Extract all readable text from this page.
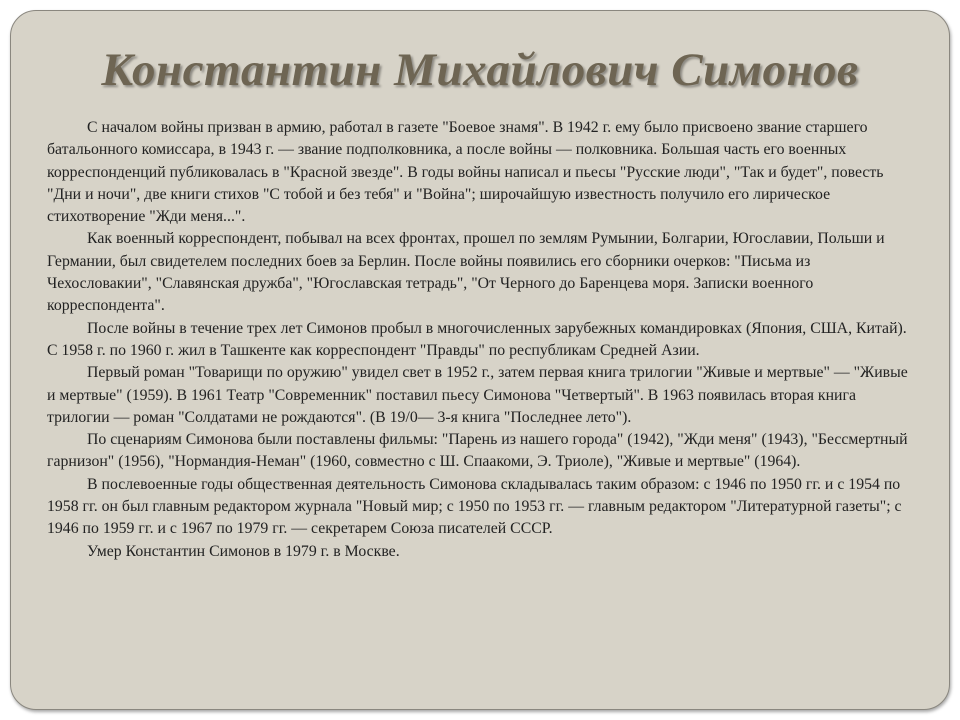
Константин Михайлович Симонов

С началом войны призван в армию, работал в газете "Боевое знамя". В 1942 г. ему было присвоено звание старшего батальонного комиссара, в 1943 г. — звание подполковника, а после войны — полковника. Большая часть его военных корреспонденций публиковалась в "Красной звезде". В годы войны написал и пьесы "Русские люди", "Так и будет", повесть "Дни и ночи", две книги стихов "С тобой и без тебя" и "Война"; широчайшую известность получило его лирическое стихотворение "Жди меня...".

Как военный корреспондент, побывал на всех фронтах, прошел по землям Румынии, Болгарии, Югославии, Польши и Германии, был свидетелем последних боев за Берлин. После войны появились его сборники очерков: "Письма из Чехословакии", "Славянская дружба", "Югославская тетрадь", "От Черного до Баренцева моря. Записки военного корреспондента".

После войны в течение трех лет Симонов пробыл в многочисленных зарубежных командировках (Япония, США, Китай). С 1958 г. по 1960 г. жил в Ташкенте как корреспондент "Правды" по республикам Средней Азии.

Первый роман "Товарищи по оружию" увидел свет в 1952 г., затем первая книга трилогии "Живые и мертвые" — "Живые и мертвые" (1959). В 1961 Театр "Современник" поставил пьесу Симонова "Четвертый". В 1963 появилась вторая книга трилогии — роман "Солдатами не рождаются". (В 19/0— 3-я книга "Последнее лето").

По сценариям Симонова были поставлены фильмы: "Парень из нашего города" (1942), "Жди меня" (1943), "Бессмертный гарнизон" (1956), "Нормандия-Неман" (1960, совместно с Ш. Спаакоми, Э. Триоле), "Живые и мертвые" (1964).

В послевоенные годы общественная деятельность Симонова складывалась таким образом: с 1946 по 1950 гг. и с 1954 по 1958 гг. он был главным редактором журнала "Новый мир; с 1950 по 1953 гг. — главным редактором "Литературной газеты"; с 1946 по 1959 гг. и с 1967 по 1979 гг. — секретарем Союза писателей СССР.

Умер Константин Симонов в 1979 г. в Москве.
